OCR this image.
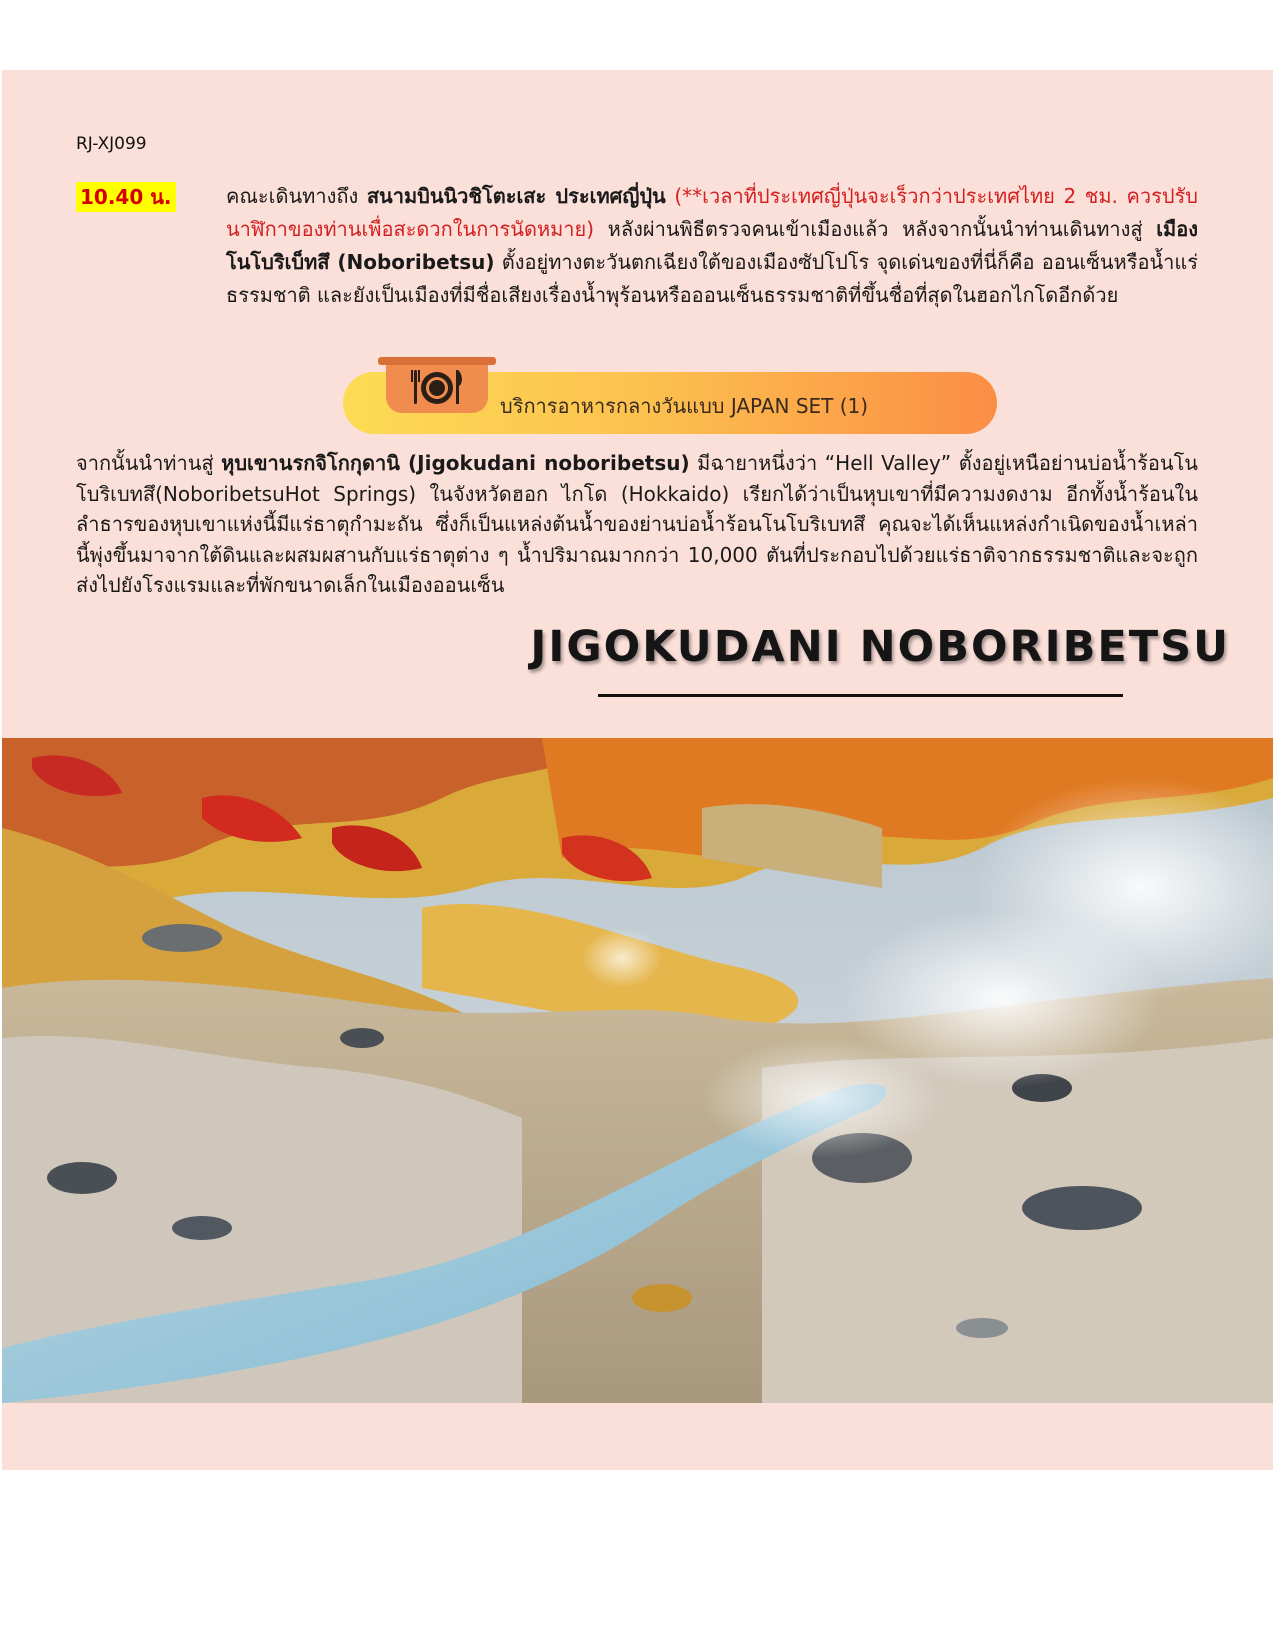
RJ-XJ099
10.40 น.	คณะเดินทางถึง สนามบินนิวชิโตะเสะ ประเทศญี่ปุ่น (**เวลาที่ประเทศญี่ปุ่นจะเร็วกว่าประเทศไทย 2 ชม. ควรปรับนาฬิกาของท่านเพื่อสะดวกในการนัดหมาย) หลังผ่านพิธีตรวจคนเข้าเมืองแล้ว หลังจากนั้นนำท่านเดินทางสู่ เมืองโนโบริเบ็ทสึ (Noboribetsu) ตั้งอยู่ทางตะวันตกเฉียงใต้ของเมืองซัปโปโร จุดเด่นของที่นี่ก็คือ ออนเซ็นหรือน้ำแร่ธรรมชาติ และยังเป็นเมืองที่มีชื่อเสียงเรื่องน้ำพุร้อนหรือออนเซ็นธรรมชาติที่ขึ้นชื่อที่สุดในฮอกไกโดอีกด้วย
บริการอาหารกลางวันแบบ JAPAN SET (1)
จากนั้นนำท่านสู่ หุบเขานรกจิโกกุดานิ (Jigokudani noboribetsu) มีฉายาหนึ่งว่า “Hell Valley” ตั้งอยู่เหนือย่านบ่อน้ำร้อนโนโบริเบทสึ(NoboribetsuHot Springs) ในจังหวัดฮอก ไกโด (Hokkaido) เรียกได้ว่าเป็นหุบเขาที่มีความงดงาม อีกทั้งน้ำร้อนในลำธารของหุบเขาแห่งนี้มีแร่ธาตุกำมะถัน ซึ่งก็เป็นแหล่งต้นน้ำของย่านบ่อน้ำร้อนโนโบริเบทสึ คุณจะได้เห็นแหล่งกำเนิดของน้ำเหล่านี้พุ่งขึ้นมาจากใต้ดินและผสมผสานกับแร่ธาตุต่าง ๆ น้ำปริมาณมากกว่า 10,000 ตันที่ประกอบไปด้วยแร่ธาติจากธรรมชาติและจะถูกส่งไปยังโรงแรมและที่พักขนาดเล็กในเมืองออนเซ็น
JIGOKUDANI NOBORIBETSU
